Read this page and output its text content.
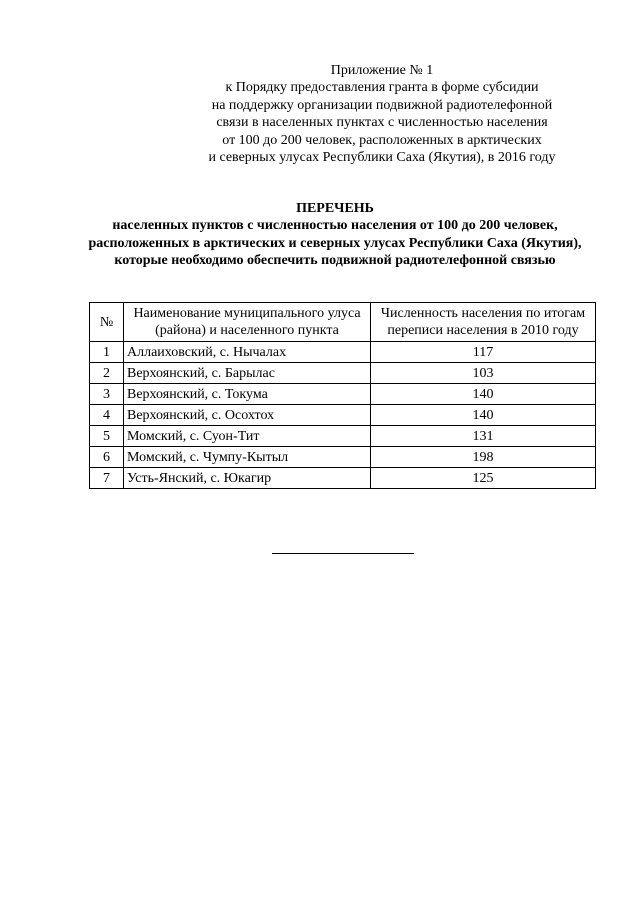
Приложение № 1
к Порядку предоставления гранта в форме субсидии
на поддержку организации подвижной радиотелефонной
связи в населенных пунктах с численностью населения
от 100 до 200 человек, расположенных в арктических
и северных улусах Республики Саха (Якутия), в 2016 году
ПЕРЕЧЕНЬ
населенных пунктов с численностью населения от 100 до 200 человек, расположенных в арктических и северных улусах Республики Саха (Якутия), которые необходимо обеспечить подвижной радиотелефонной связью
№	Наименование муниципального улуса (района) и населенного пункта	Численность населения по итогам переписи населения в 2010 году
1	Аллаиховский, с. Нычалах	117
2	Верхоянский, с. Барылас	103
3	Верхоянский, с. Токума	140
4	Верхоянский, с. Осохтох	140
5	Момский, с. Суон-Тит	131
6	Момский, с. Чумпу-Кытыл	198
7	Усть-Янский, с. Юкагир	125
